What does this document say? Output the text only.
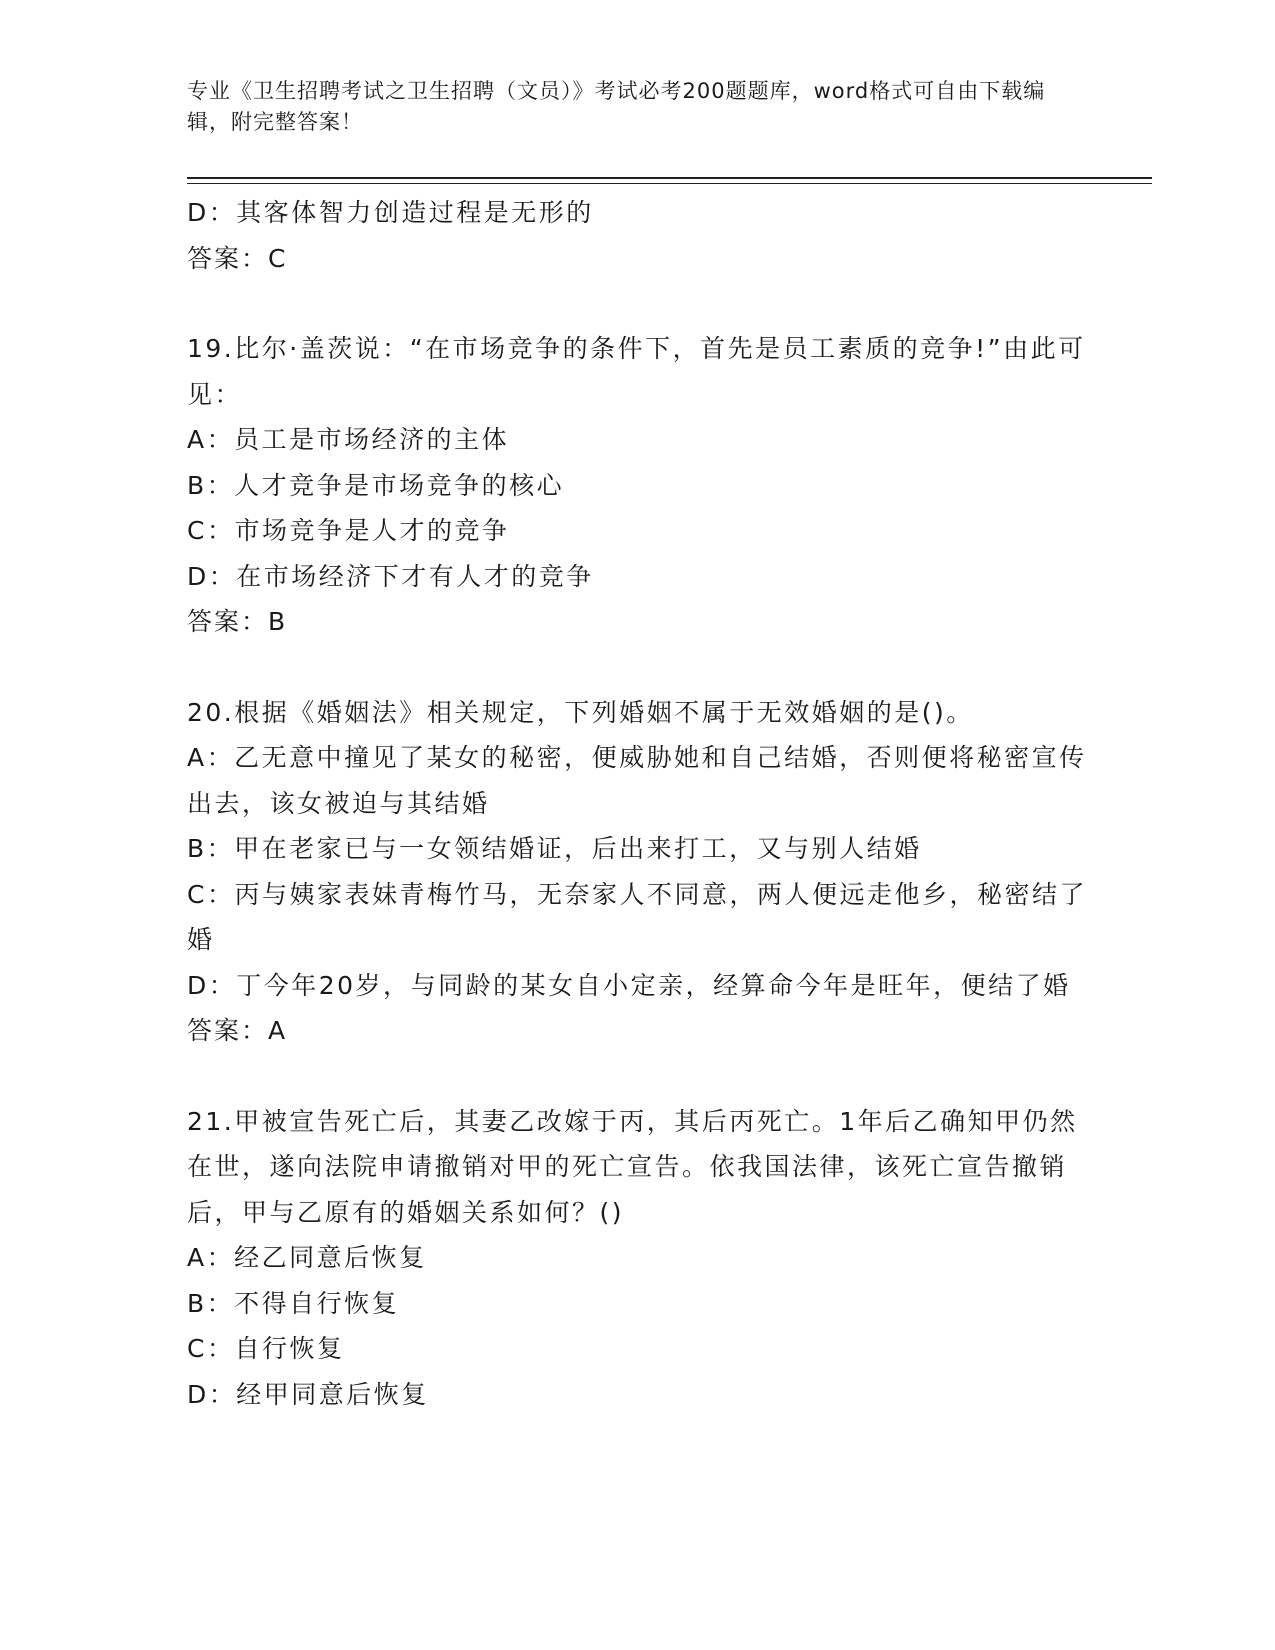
专业《卫生招聘考试之卫生招聘（文员）》考试必考200题题库，word格式可自由下载编辑，附完整答案！
D：其客体智力创造过程是无形的
答案：C
19.比尔·盖茨说：“在市场竞争的条件下，首先是员工素质的竞争!”由此可见：
A：员工是市场经济的主体
B：人才竞争是市场竞争的核心
C：市场竞争是人才的竞争
D：在市场经济下才有人才的竞争
答案：B
20.根据《婚姻法》相关规定，下列婚姻不属于无效婚姻的是()。
A：乙无意中撞见了某女的秘密，便威胁她和自己结婚，否则便将秘密宣传出去，该女被迫与其结婚
B：甲在老家已与一女领结婚证，后出来打工，又与别人结婚
C：丙与姨家表妹青梅竹马，无奈家人不同意，两人便远走他乡，秘密结了婚
D：丁今年20岁，与同龄的某女自小定亲，经算命今年是旺年，便结了婚
答案：A
21.甲被宣告死亡后，其妻乙改嫁于丙，其后丙死亡。1年后乙确知甲仍然在世，遂向法院申请撤销对甲的死亡宣告。依我国法律，该死亡宣告撤销后，甲与乙原有的婚姻关系如何？()
A：经乙同意后恢复
B：不得自行恢复
C：自行恢复
D：经甲同意后恢复
